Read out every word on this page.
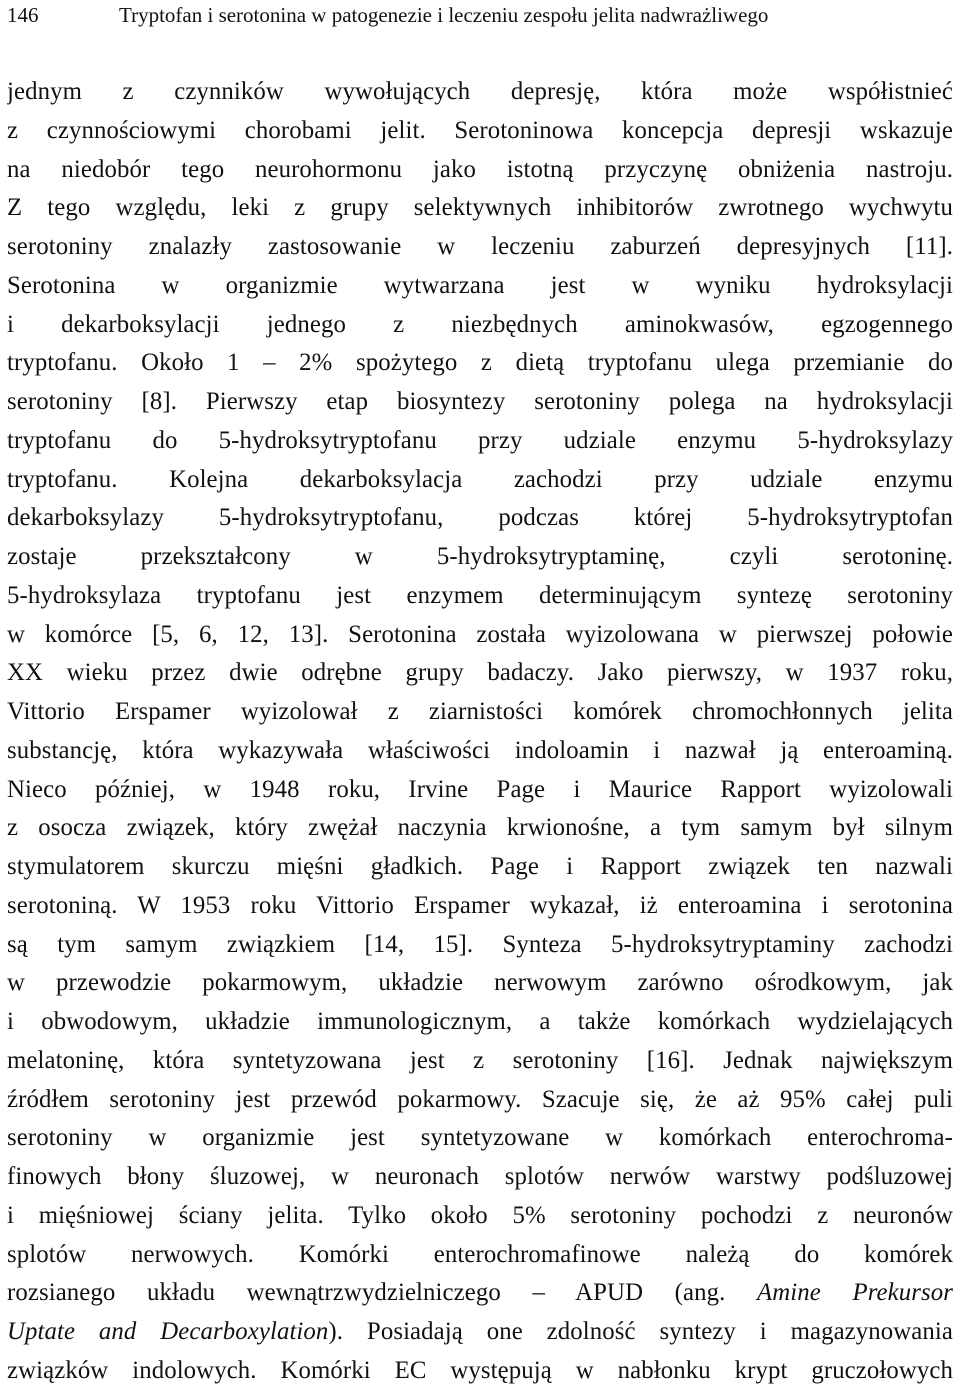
146	Tryptofan i serotonina w patogenezie i leczeniu zespołu jelita nadwrażliwego
jednym z czynników wywołujących depresję, która może współistnieć
z czynnościowymi chorobami jelit. Serotoninowa koncepcja depresji wskazuje
na niedobór tego neurohormonu jako istotną przyczynę obniżenia nastroju.
Z tego względu, leki z grupy selektywnych inhibitorów zwrotnego wychwytu
serotoniny znalazły zastosowanie w leczeniu zaburzeń depresyjnych [11].
Serotonina w organizmie wytwarzana jest w wyniku hydroksylacji
i dekarboksylacji jednego z niezbędnych aminokwasów, egzogennego
tryptofanu. Około 1 – 2% spożytego z dietą tryptofanu ulega przemianie do
serotoniny [8]. Pierwszy etap biosyntezy serotoniny polega na hydroksylacji
tryptofanu do 5-hydroksytryptofanu przy udziale enzymu 5-hydroksylazy
tryptofanu. Kolejna dekarboksylacja zachodzi przy udziale enzymu
dekarboksylazy 5-hydroksytryptofanu, podczas której 5-hydroksytryptofan
zostaje przekształcony w 5-hydroksytryptaminę, czyli serotoninę.
5-hydroksylaza tryptofanu jest enzymem determinującym syntezę serotoniny
w komórce [5, 6, 12, 13]. Serotonina została wyizolowana w pierwszej połowie
XX wieku przez dwie odrębne grupy badaczy. Jako pierwszy, w 1937 roku,
Vittorio Erspamer wyizolował z ziarnistości komórek chromochłonnych jelita
substancję, która wykazywała właściwości indoloamin i nazwał ją enteroaminą.
Nieco później, w 1948 roku, Irvine Page i Maurice Rapport wyizolowali
z osocza związek, który zwężał naczynia krwionośne, a tym samym był silnym
stymulatorem skurczu mięśni gładkich. Page i Rapport związek ten nazwali
serotoniną. W 1953 roku Vittorio Erspamer wykazał, iż enteroamina i serotonina
są tym samym związkiem [14, 15]. Synteza 5-hydroksytryptaminy zachodzi
w przewodzie pokarmowym, układzie nerwowym zarówno ośrodkowym, jak
i obwodowym, układzie immunologicznym, a także komórkach wydzielających
melatoninę, która syntetyzowana jest z serotoniny [16]. Jednak największym
źródłem serotoniny jest przewód pokarmowy. Szacuje się, że aż 95% całej puli
serotoniny w organizmie jest syntetyzowane w komórkach enterochroma-
finowych błony śluzowej, w neuronach splotów nerwów warstwy podśluzowej
i mięśniowej ściany jelita. Tylko około 5% serotoniny pochodzi z neuronów
splotów nerwowych. Komórki enterochromafinowe należą do komórek
rozsianego układu wewnątrzwydzielniczego – APUD (ang. Amine Prekursor
Uptate and Decarboxylation). Posiadają one zdolność syntezy i magazynowania
związków indolowych. Komórki EC występują w nabłonku krypt gruczołowych
